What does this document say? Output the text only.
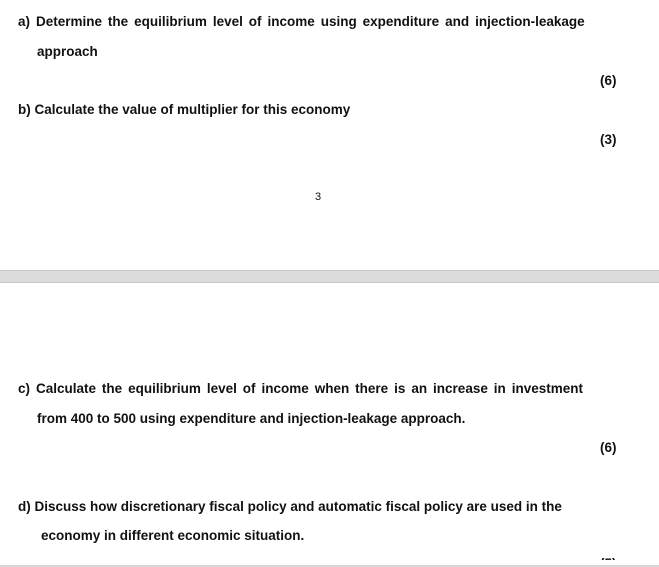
a) Determine the equilibrium level of income using expenditure and injection-leakage
approach
(6)
b) Calculate the value of multiplier for this economy
(3)
3
c) Calculate the equilibrium level of income when there is an increase in investment
from 400 to 500 using expenditure and injection-leakage approach.
(6)
d) Discuss how discretionary fiscal policy and automatic fiscal policy are used in the
economy in different economic situation.
